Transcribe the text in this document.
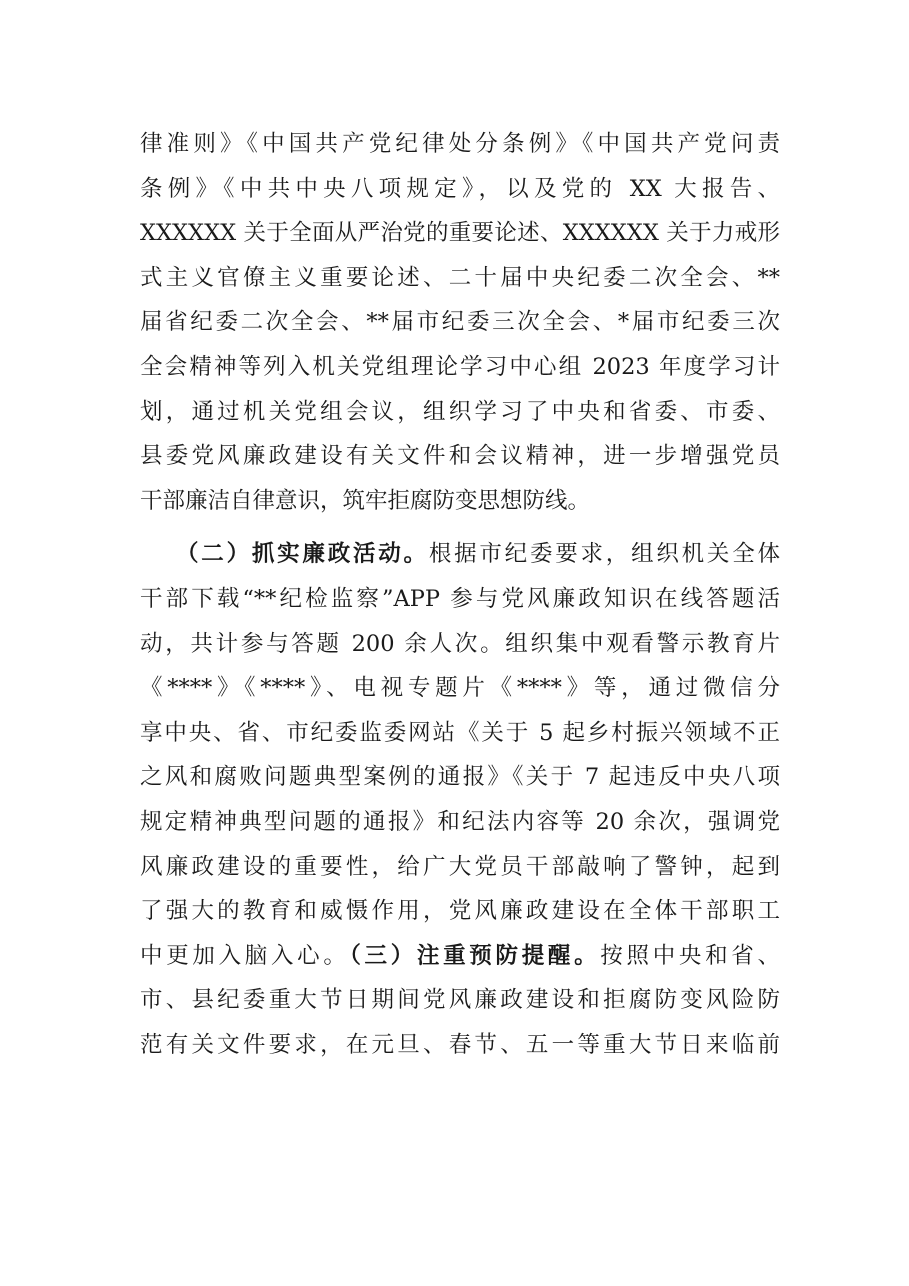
律准则》《中国共产党纪律处分条例》《中国共产党问责
条例》《中共中央八项规定》，以及党的 XX 大报告、
XXXXXX 关于全面从严治党的重要论述、XXXXXX 关于力戒形
式主义官僚主义重要论述、二十届中央纪委二次全会、**
届省纪委二次全会、**届市纪委三次全会、*届市纪委三次
全会精神等列入机关党组理论学习中心组 2023 年度学习计
划，通过机关党组会议，组织学习了中央和省委、市委、
县委党风廉政建设有关文件和会议精神，进一步增强党员
干部廉洁自律意识，筑牢拒腐防变思想防线。
（二）抓实廉政活动。根据市纪委要求，组织机关全体
干部下载“**纪检监察”APP 参与党风廉政知识在线答题活
动，共计参与答题 200 余人次。组织集中观看警示教育片
《****》《****》、电视专题片《****》等，通过微信分
享中央、省、市纪委监委网站《关于 5 起乡村振兴领域不正
之风和腐败问题典型案例的通报》《关于 7 起违反中央八项
规定精神典型问题的通报》和纪法内容等 20 余次，强调党
风廉政建设的重要性，给广大党员干部敲响了警钟，起到
了强大的教育和威慑作用，党风廉政建设在全体干部职工
中更加入脑入心。（三）注重预防提醒。按照中央和省、
市、县纪委重大节日期间党风廉政建设和拒腐防变风险防
范有关文件要求，在元旦、春节、五一等重大节日来临前
